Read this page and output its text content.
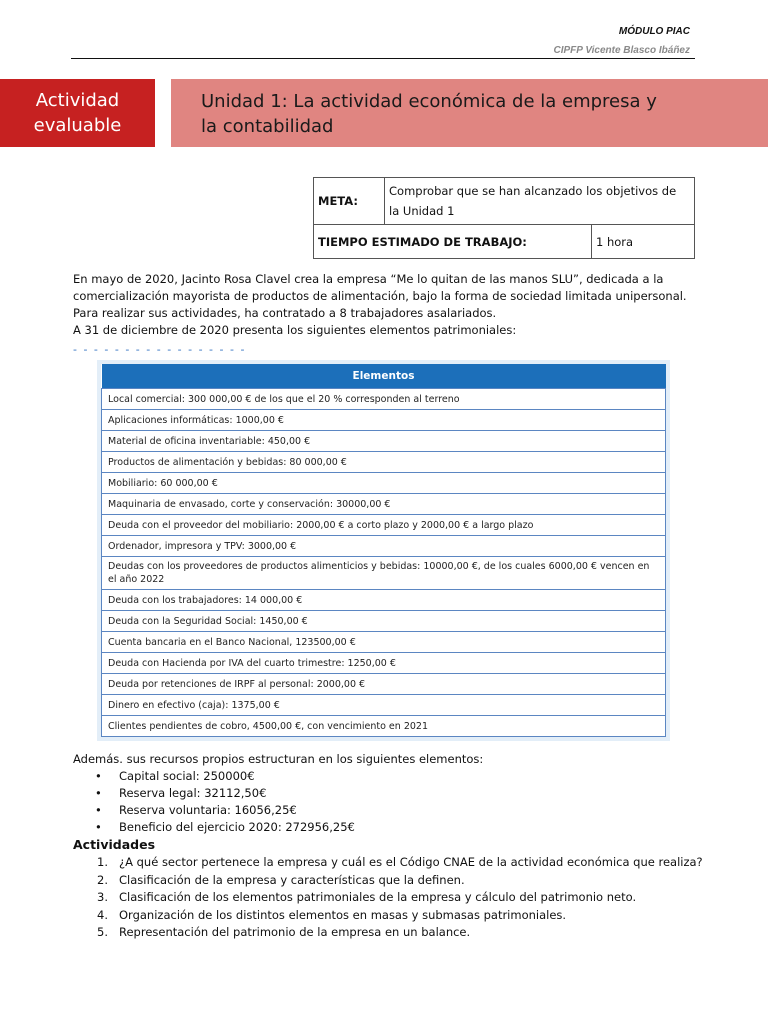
MÓDULO PIAC
CIPFP Vicente Blasco Ibáñez
Actividad
evaluable
Unidad 1: La actividad económica de la empresa y
la contabilidad
META:	Comprobar que se han alcanzado los objetivos de la Unidad 1	
TIEMPO ESTIMADO DE TRABAJO:		1 hora
En mayo de 2020, Jacinto Rosa Clavel crea la empresa “Me lo quitan de las manos SLU”, dedicada a la comercialización mayorista de productos de alimentación, bajo la forma de sociedad limitada unipersonal. Para realizar sus actividades, ha contratado a 8 trabajadores asalariados.
A 31 de diciembre de 2020 presenta los siguientes elementos patrimoniales:
- - - - - - - - - - - - - - - - -
Elementos
Local comercial: 300 000,00 € de los que el 20 % corresponden al terreno
Aplicaciones informáticas: 1000,00 €
Material de oficina inventariable: 450,00 €
Productos de alimentación y bebidas: 80 000,00 €
Mobiliario: 60 000,00 €
Maquinaria de envasado, corte y conservación: 30000,00 €
Deuda con el proveedor del mobiliario: 2000,00 € a corto plazo y 2000,00 € a largo plazo
Ordenador, impresora y TPV: 3000,00 €
Deudas con los proveedores de productos alimenticios y bebidas: 10000,00 €, de los cuales 6000,00 € vencen en el año 2022
Deuda con los trabajadores: 14 000,00 €
Deuda con la Seguridad Social: 1450,00 €
Cuenta bancaria en el Banco Nacional, 123500,00 €
Deuda con Hacienda por IVA del cuarto trimestre: 1250,00 €
Deuda por retenciones de IRPF al personal: 2000,00 €
Dinero en efectivo (caja): 1375,00 €
Clientes pendientes de cobro, 4500,00 €, con vencimiento en 2021
Además. sus recursos propios estructuran en los siguientes elementos:
• Capital social: 250000€
• Reserva legal: 32112,50€
• Reserva voluntaria: 16056,25€
• Beneficio del ejercicio 2020: 272956,25€
Actividades
1. ¿A qué sector pertenece la empresa y cuál es el Código CNAE de la actividad económica que realiza?
2. Clasificación de la empresa y características que la definen.
3. Clasificación de los elementos patrimoniales de la empresa y cálculo del patrimonio neto.
4. Organización de los distintos elementos en masas y submasas patrimoniales.
5. Representación del patrimonio de la empresa en un balance.
